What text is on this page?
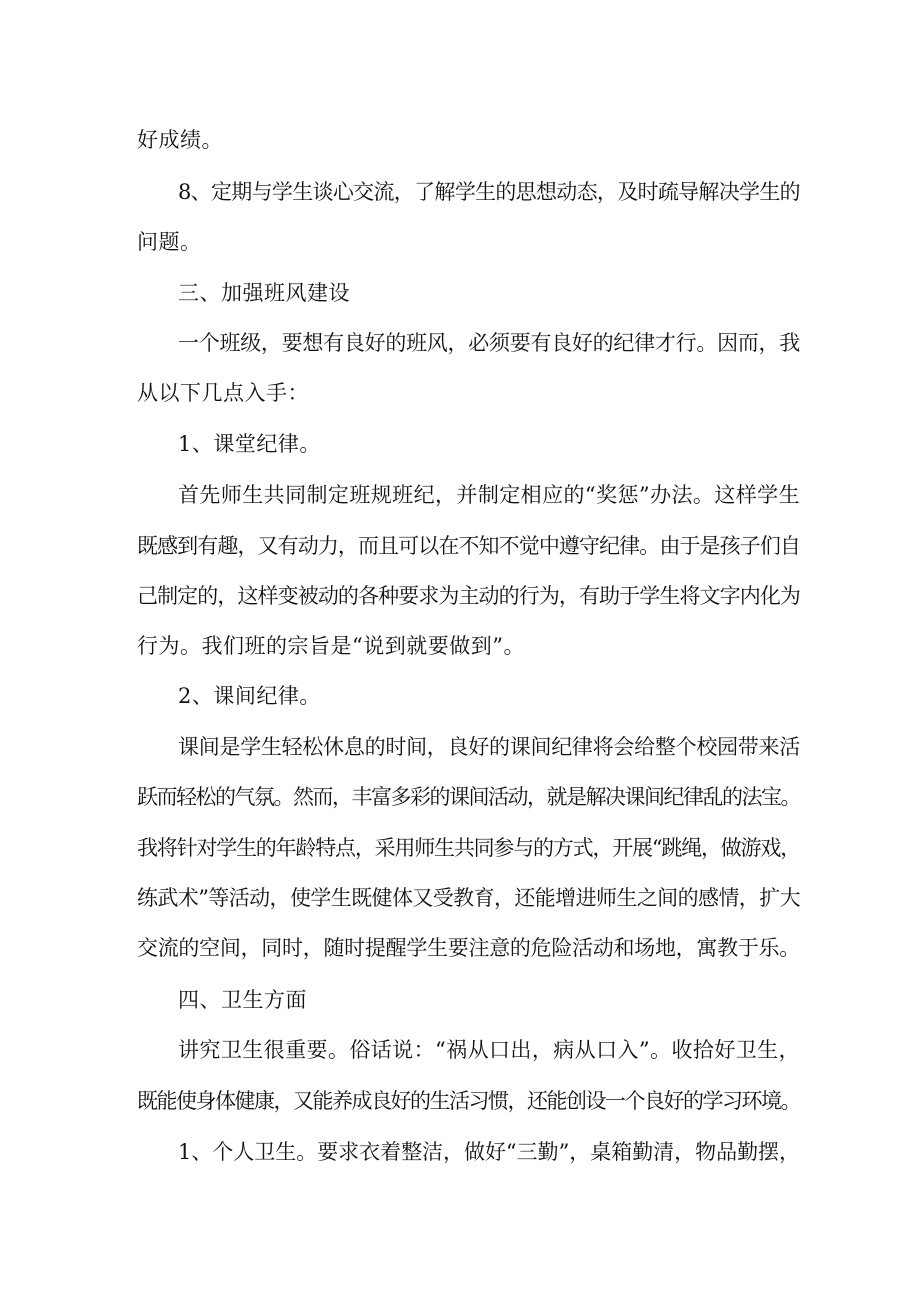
好成绩。
8、定期与学生谈心交流，了解学生的思想动态，及时疏导解决学生的
问题。
三、加强班风建设
一个班级，要想有良好的班风，必须要有良好的纪律才行。因而，我
从以下几点入手：
1、课堂纪律。
首先师生共同制定班规班纪，并制定相应的“奖惩”办法。这样学生
既感到有趣，又有动力，而且可以在不知不觉中遵守纪律。由于是孩子们自
己制定的，这样变被动的各种要求为主动的行为，有助于学生将文字内化为
行为。我们班的宗旨是“说到就要做到”。
2、课间纪律。
课间是学生轻松休息的时间，良好的课间纪律将会给整个校园带来活
跃而轻松的气氛。然而，丰富多彩的课间活动，就是解决课间纪律乱的法宝。
我将针对学生的年龄特点，采用师生共同参与的方式，开展“跳绳，做游戏，
练武术”等活动，使学生既健体又受教育，还能增进师生之间的感情，扩大
交流的空间，同时，随时提醒学生要注意的危险活动和场地，寓教于乐。
四、卫生方面
讲究卫生很重要。俗话说：“祸从口出，病从口入”。收拾好卫生，
既能使身体健康，又能养成良好的生活习惯，还能创设一个良好的学习环境。
1、个人卫生。要求衣着整洁，做好“三勤”，桌箱勤清，物品勤摆，
